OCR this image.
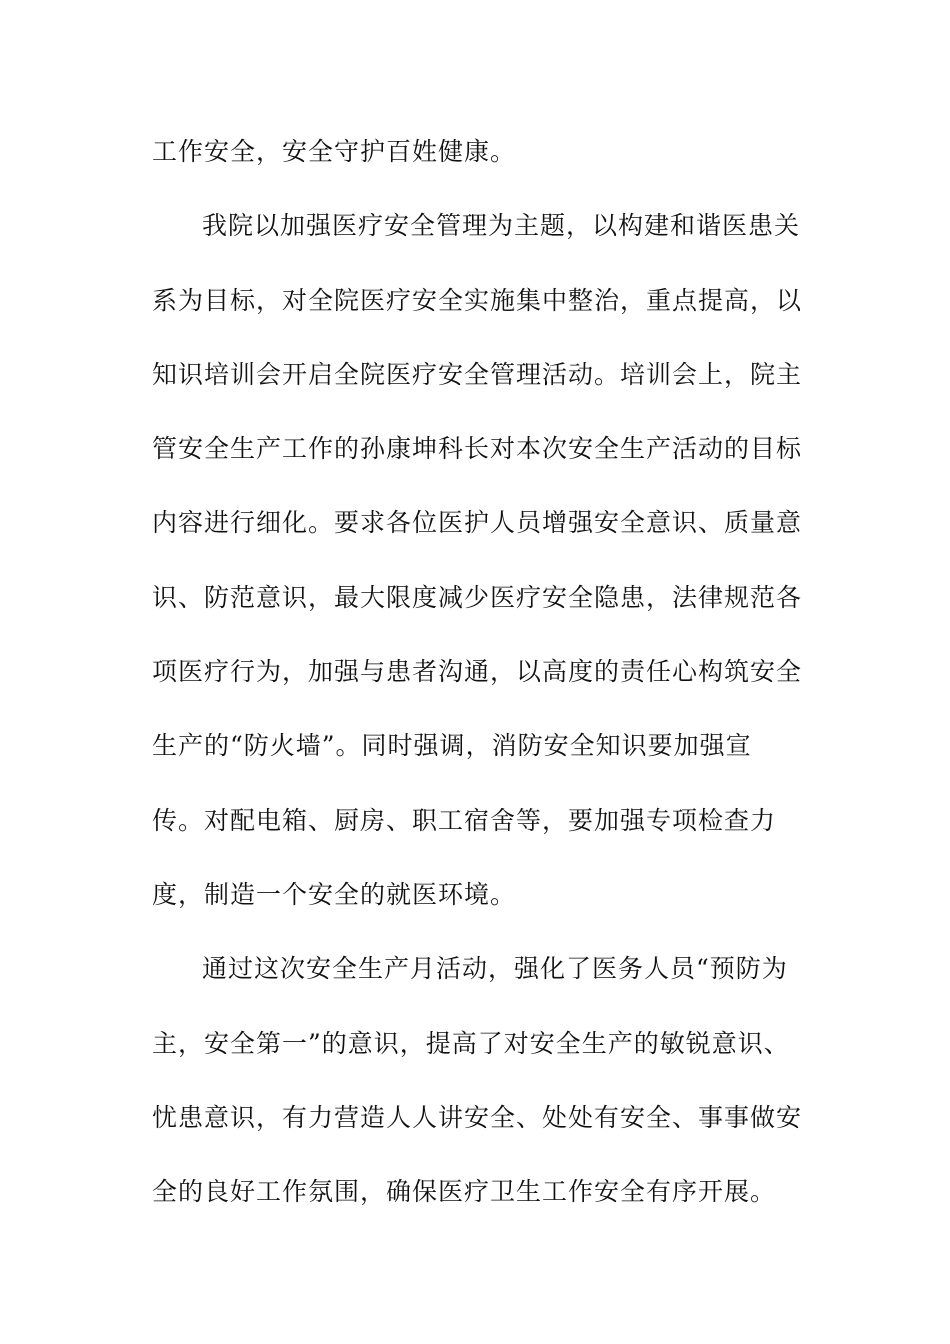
工作安全，安全守护百姓健康。
我院以加强医疗安全管理为主题，以构建和谐医患关
系为目标，对全院医疗安全实施集中整治，重点提高，以
知识培训会开启全院医疗安全管理活动。培训会上，院主
管安全生产工作的孙康坤科长对本次安全生产活动的目标
内容进行细化。要求各位医护人员增强安全意识、质量意
识、防范意识，最大限度减少医疗安全隐患，法律规范各
项医疗行为，加强与患者沟通，以高度的责任心构筑安全
生产的“防火墙”。同时强调，消防安全知识要加强宣
传。对配电箱、厨房、职工宿舍等，要加强专项检查力
度，制造一个安全的就医环境。
通过这次安全生产月活动，强化了医务人员“预防为
主，安全第一”的意识，提高了对安全生产的敏锐意识、
忧患意识，有力营造人人讲安全、处处有安全、事事做安
全的良好工作氛围，确保医疗卫生工作安全有序开展。
